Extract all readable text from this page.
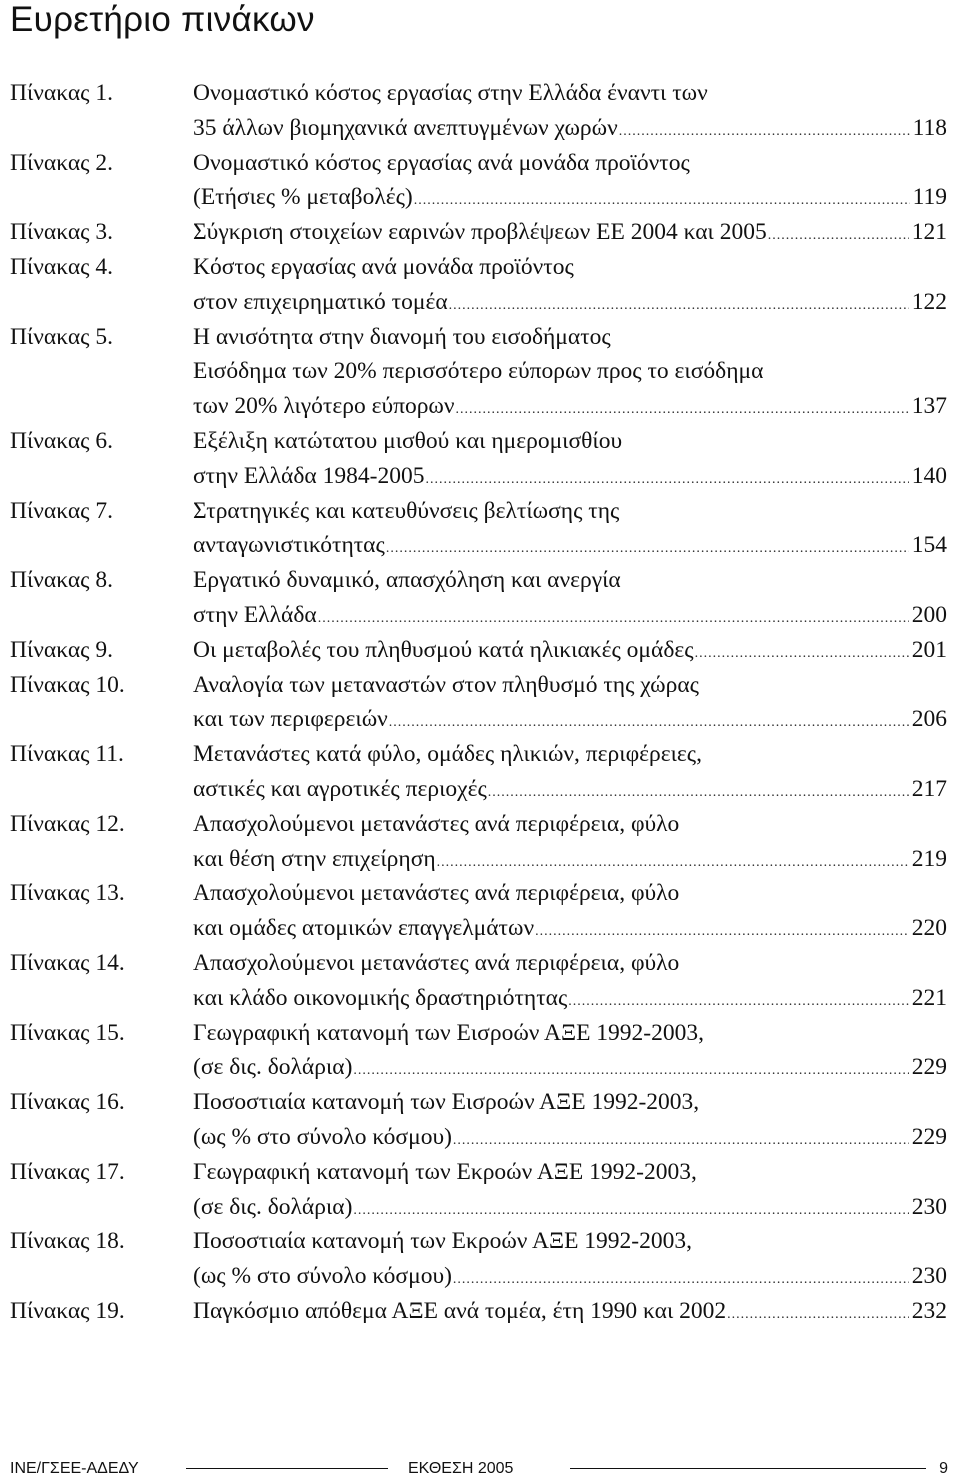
Ευρετήριο πινάκων
Πίνακας 1.	Ονομαστικό κόστος εργασίας στην Ελλάδα έναντι των
35 άλλων βιομηχανικά ανεπτυγμένων χωρών .....	118
Πίνακας 2.	Ονομαστικό κόστος εργασίας ανά μονάδα προϊόντος
(Ετήσιες % μεταβολές) .....	119
Πίνακας 3.	Σύγκριση στοιχείων εαρινών προβλέψεων ΕΕ 2004 και 2005 .....	121
Πίνακας 4.	Κόστος εργασίας ανά μονάδα προϊόντος
στον επιχειρηματικό τομέα .....	122
Πίνακας 5.	Η ανισότητα στην διανομή του εισοδήματος
Εισόδημα των 20% περισσότερο εύπορων προς το εισόδημα
των 20% λιγότερο εύπορων .....	137
Πίνακας 6.	Εξέλιξη κατώτατου μισθού και ημερομισθίου
στην Ελλάδα 1984-2005 .....	140
Πίνακας 7.	Στρατηγικές και κατευθύνσεις βελτίωσης της
ανταγωνιστικότητας .....	154
Πίνακας 8.	Εργατικό δυναμικό, απασχόληση και ανεργία
στην Ελλάδα .....	200
Πίνακας 9.	Οι μεταβολές του πληθυσμού κατά ηλικιακές ομάδες .....	201
Πίνακας 10.	Αναλογία των μεταναστών στον πληθυσμό της χώρας
και των περιφερειών .....	206
Πίνακας 11.	Μετανάστες κατά φύλο, ομάδες ηλικιών, περιφέρειες,
αστικές και αγροτικές περιοχές .....	217
Πίνακας 12.	Απασχολούμενοι μετανάστες ανά περιφέρεια, φύλο
και θέση στην επιχείρηση .....	219
Πίνακας 13.	Απασχολούμενοι μετανάστες ανά περιφέρεια, φύλο
και ομάδες ατομικών επαγγελμάτων .....	220
Πίνακας 14.	Απασχολούμενοι μετανάστες ανά περιφέρεια, φύλο
και κλάδο οικονομικής δραστηριότητας .....	221
Πίνακας 15.	Γεωγραφική κατανομή των Εισροών ΑΞΕ 1992-2003,
(σε δις. δολάρια) .....	229
Πίνακας 16.	Ποσοστιαία κατανομή των Εισροών ΑΞΕ 1992-2003,
(ως % στο σύνολο κόσμου) .....	229
Πίνακας 17.	Γεωγραφική κατανομή των Εκροών ΑΞΕ 1992-2003,
(σε δις. δολάρια) .....	230
Πίνακας 18.	Ποσοστιαία κατανομή των Εκροών ΑΞΕ 1992-2003,
(ως % στο σύνολο κόσμου) .....	230
Πίνακας 19.	Παγκόσμιο απόθεμα ΑΞΕ ανά τομέα, έτη 1990 και 2002 .....	232
ΙΝΕ/ΓΣΕΕ-ΑΔΕΔΥ	ΕΚΘΕΣΗ 2005	9
